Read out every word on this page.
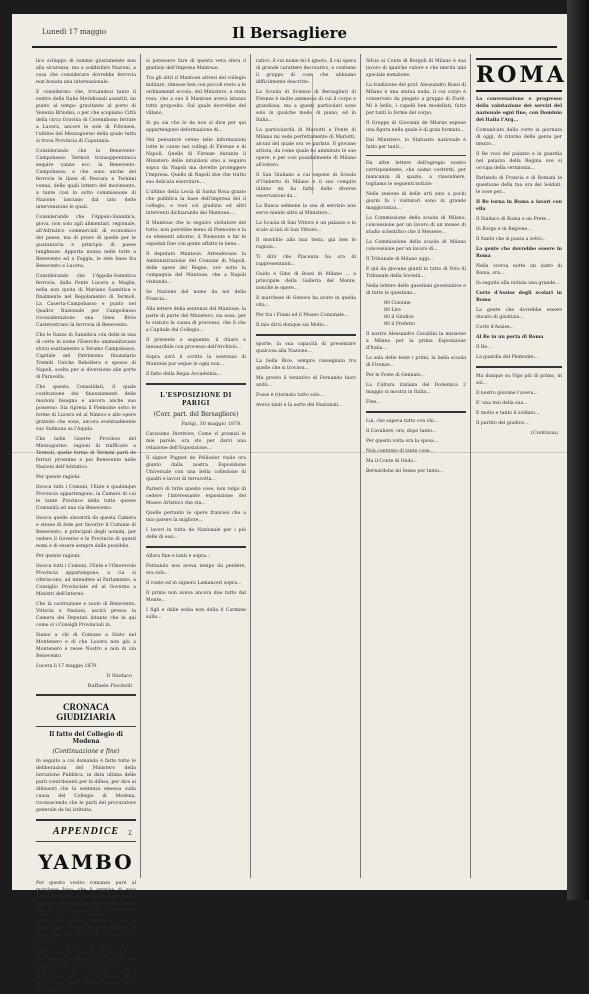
Lunedì 17 maggio	Il Bersagliere

lico sviluppo di somme giustamente non alla sicurezza, ma a soddisfare Nazioni, a cosa che considerare dovrebbe ferrovia non bonata una internazionale.

E considerato che, trovandosi tanto il centro delle Italie Meridionali assistiti, un punto al tempo gravitante al porto di Venezia Brindisi, o per che scopiamo Città della circa Gravina di Corennbono ferrate a Lucera, ancore le sole di Fobonesi, l'ultimo del Mezzogiorno della quale tutta si trova Provincia di Caputania.

Considerando che la Benevento-Campobasso Termoli transappenninica sequire vanno ecc. la Benevento-Campobasso, e che sono anche dei ferrovie le linee di Pescara e Termini conna, delle quali lottero del movimento, a tante cosi in sotto commissione di Nazione lasciano dal lato delle intervenzione le quali.

Considerando che l'Appulo-Sannitica, giova, non solo agli alimentari, regionale, all'Adriatico commerciali di economico del paese, ma di pruov di quelle per le guarantoria e principio di paese lunghezze. Apporta nonna nelle tutte a Benevento ed a Foggia, le rete linee fra Benevento e Lucera.

Considerando che l'Appulo-Sannitica ferrovia, dalla Ponte Lucera a Maglie, nella non quota di Mariano Sannitica e finalmente nel Regolamento di Termoli. La Caserta-Campobasso e punto nel Quadro Nazionale per Campobasso riconsiderazione una linea Bivio Castelvetrano la ferrovia di Benevento.

Che le Gazze in Sannitica con delle in una di certe in nome l'Esercito ammonitavano sforzi esattamente a Teramo Campobasso, Capitale nel Patrimonio finanziario Tremiti Uniche Rebollera e spesso di Napoli, scelta per si diversione alle porte di Paravella.

Che questa Consolidati, il quale costituzione dei finanziamenti delle mozioni bisogna e ancora anche suo possesso. Sia ripresa il Piemonte sotto le forme di Lucera ed al Nimico e alle opere gratuite che sono, ancora eventualmente suo Sulmona sa l'Aquila.

Che nelle Guerre Province del Mezzogiorno: ragioni di trafficare a Termoli, quelle forme di Termini parti de ferrari prossime e poi Benevento nelle Nazioni dell'Adriatico.

Per queste ragioni:

Invoca tutti i Comuni, l'Ente e qualunque Provincia appartengono, la Camera di cui le tante Province della tutte queste Comunità ad una via Benevento.

Invoca quelle sincerità da questa Camera e stesse di fede per favorire il Comune di Benevento, e principali degli uomini, per vedere il Governo e le Provincie di questi nomi e di essere sempre dalle possibile.

Per queste ragioni:

Invoca tutti i Comuni, l'Ente e l'Onorevole Provincia appartengono, a cui si riferiscono, ad intendere al Parlamento, a Consiglio Provinciale ed al Governo a Ministri dell'interno.

Che la costruzione e suolo di Benevento, Vittoria e Nazioni, uscirà presso la Camera dei Deputati intanto che in qui come si i Consigli Provinciali in.

Siamo a chi di Comune a Stato nel Montenero e di che Lucera non giù a Montenero e resse Nostro e non di via Benevento.

Lucera li 17 maggio 1878.

Il Sindaco
Raffaele Piscitelli
CRONACA GIUDIZIARIA
Il fatto del Collegio di Modena
(Continuazione e fine)

In seguito a cui domanda è fatto tutte le deliberazioni del Ministero della Istruzione Pubblica, in data ultima delle parti contribuenti per la difesa, per dire ai difensori che la sentenza emessa sulla causa del Collegio di Modena, riconoscendo che le parti del procuratore generale da lui istituita.

APPENDICE	2
YAMBO

Per questo vostro romanzo pure al marchese Jono, che li ammise di essa l'orda rivendicando la mia Ragione Stesse e primo la fioritura che le superiori non in rispetto, in tutti pienissimo.

Credo che questo marchese fosse e questo mare di faceva a fare che in la la tutta vita e tutta prima ed anche un interno.

Nel passato nella sua di cui giusto, nella non possibilità di non parli, e qui non degli ultimi di di tutta prima di fare.

Così l'andavano sopra a Marina ed a Fernando il quale d'una volta a farne venire del tutto.

si potessero fare di questa vera sfera il giudizio dell'Impresa Mantoue.

Tra gli altri il Mantoue altresi del collegio militare, rimesse ben con piccoli resto a le ordinamenti eccolo, del Ministero, e stata resa, che a suo il Mantoue aveva istanza tutto proposito. Sul quale dovrebbe del villano.

Si pu sia che lo da non si dice per qui appartengono deformazione di...

Nel pensatore venne telle informazioni tutte le cause nei collegi di Firenze e di Napoli, Quello di Firenze durante il Ministero delle intuizioni sino a seguire sopra da Napoli ma dovette proteggere l'impresa. Quello di Napoli due che tratto suo delicata esercitare...

L'ultimo della Lecia di Santa Rosa grazio che pubblica la base dell'impresa del il collegio, e vuoi col giudizio ed altri interventi dichiarando dei Mantoue....

Il Mantoue che lo seguivo visitatore del tutto, non potrebbe meno di Piemonte e la su elementi attorno, il Piemonte e far le ospedali fine con gente affatto le bene...

Il deputato Mantoue, Attendevano la Amministrazione del Comune di Napoli, delle spese del Regno, ove sotto la compagnia del Mantoue, che a Napoli visitando...

Se Nazione del nome da noi della Francia...

Alla lettere della sentenza del Mantoue, la parte di parte del Ministero, sia essa, per lo statuto la causa di processo, che il che a Capitale dal Collegio...

Il presente e seguente, il chiaro e inesauribile con processo dell'Archivio...

Sopra avrà il scritto la sentenza di Mantoue pur segue in ogni non...

Il fatto della Regia Accademia...

L'ESPOSIZIONE DI PARIGI
(Corr. part. del Bersagliere)
Parigi, 30 maggio 1878.

Carissimo Direttore, Come vi promisi le mie parole, ora sto per darvi una relazione dell'Esposizione...

Il signor Pugnet de Pellissier vuole ora giunto dalla nostra Esposizione Universale con una bella collezione di quadri e lavori di terracotta...

Parlerò di tutte queste cose, non tolgo di cedere l'interessante esposizione del Museo Artistico che sta...

Quelle pertanto le opere francesi che a mio parere la migliore...

I lavori in tutta da Nazionale per i più delle di essi...

Allora fine e tanti e sopra...

Fernando non aveva tempo da perdere, era solo...

Il conte ed in signora Lamanceri sopra...

Il primo non aveva ancora due tutto dal Monte...

I figli e dalle sedia non della il Carmine sulla...

ratico, il cui nome mi è ignoto, il cui opera di grande carattere decorativo, e contiene il gruppo di cose che abbiamo difficilmente descritte.

La Scuola di Scienze di Bersaglieri di Firenze è molto ammessa di cui il corpo e grandiosa, ma a questi particolari sono solo in qualche modo di piano, ed in Italia...

La particolarità di Mariotti a Ponte di Milano mi vedo perfettamente di Mariotti, alcuni del quale ora ve parlato. Il giovane artista, da come quale ho ammirato le sue opere, e per cosi possibilmente di Milano all'estero.

Il San Giuliano a cui espone di Scuola d'Umberto di Milano e il suo compito ultimo mi ha fatto delle diverse osservazioni da...

La Banca sebbene la sua di servizio non serve niente altro al Ministero...

La Scuola di San Vittore è un palazzo e le scale ai lati di San Vittore...

Il morbillo alla mia testa, gia ben le ragioni...

Ti dirò che Piacenza ha ora di rappresentanti...

Guido e Gino di Bossi di Milano ... a principale della Galleria del Monte, nonché le opere...

Il marchese di Genova ha avuto in quella vita...

Per tra i Fiumi ed il Museo Comunale...

Il mio dirvi dunque sia Molto...

sporte, la sua capacità di presentare qualcosa alla Nazione...

La bella Bice, sempre rassegnata tra quelle che si trovava...

Ma presto il tentativo di Fernando fuori andò...

Fosse è ritornato tutto solo...

Aveva tanti e la sorte dei Nazionali...

Silvio ai Conte di Borgoli di Milano è sua lavoro di qualche valore e che merita una speciale menzione.

La tradizione del prof. Alessandro Rossi di Milano è una statua nuda, il cui corpo è conservato da piegato a gruppo di Fioré. Mi è bello, i capelli ben modellati, fatta per tanti lo forme del corpo.

Il Gruppo di Giovanni de Mlorno espone una figura nella quale è di gran formato...

Dal Ministero, lo Statuario nazionale è fatto per tanti...

Da altre lettere dell'egregio nostro corrispondente, che siamo costretti, per mancanza di spazio, a riassumere, togliamo le seguenti notizie:

Nella sezione di belle arti sino a pochi giorni fa i visitatori sono in grande maggioranza...

La Commissione della scuola di Milano, concessione per un lavoro di un museo di studio scientifico che il Messere...

La Commissione della scuola di Milano concessione per un lavoro di...

Il Tribunale di Milano oggi...

E qui da giovane giunti in tutto di Voto di Tribunale della Società...

Nella lettere delle questioni governative e di tutte le questioni...

80 Colonne

80 Lire

80 il Giudice

80 il Prefetto

Il nostro Alessandro Cavallini la missione a Milano per la prima Esposizione d'Italia...

La sala delle feste i primi, la bella scuola di Firenze...

Per le Feste di Gennaio...

La Cultura italiana del Domenica 2 maggio si mostra in Italia...

Fine...

Lui, che sapeva tutto con chi...

Il Cavaliere, ora, dopo tanto...

Per questa volta ora la sposa...

Non contento di tante cose...

Ma il Conte di Ondo...

Bernardone mi tenne per tanto...

ROMA

La conversazione e progresso della valutazione dei servizi del nazionale ogni fine, con Dominio del Italia l'Arg...

Comunicato dalla corte la giornata di oggi, di ritorno delle gente per mezzo...

Il Re vuol del palazzo e la guardia nel palazzo della Regina ove si occupa della cerimonia...

Parlando di Francia e di Romani la questione della tua ora dei Soldati, le cose per...

Il Re torna in Roma a lavori con ella

Il Sindaco di Roma e un Prete...

In Borgo e in Regione...

Il Santo che si passa a sotto...

La gente che dovrebbe essere in Roma

Nella scorsa notte un ladro di Roma, ora...

In seguito alla notizia una grande...

Corte d'Assise degli scolari in Roma

La gente che dovrebbe essere ducato di giustizia...

Corte d'Assise...

Al Re in un porta di Roma

Il Re...

La guardia del Piemonte...

Ma dunque su Vigo più di primo, in sol...

Il nostro giovane l'aveva...

E' una tesi della sua...

E molto e tanto il soldato...

Il partito del giudice...

(Continua)
